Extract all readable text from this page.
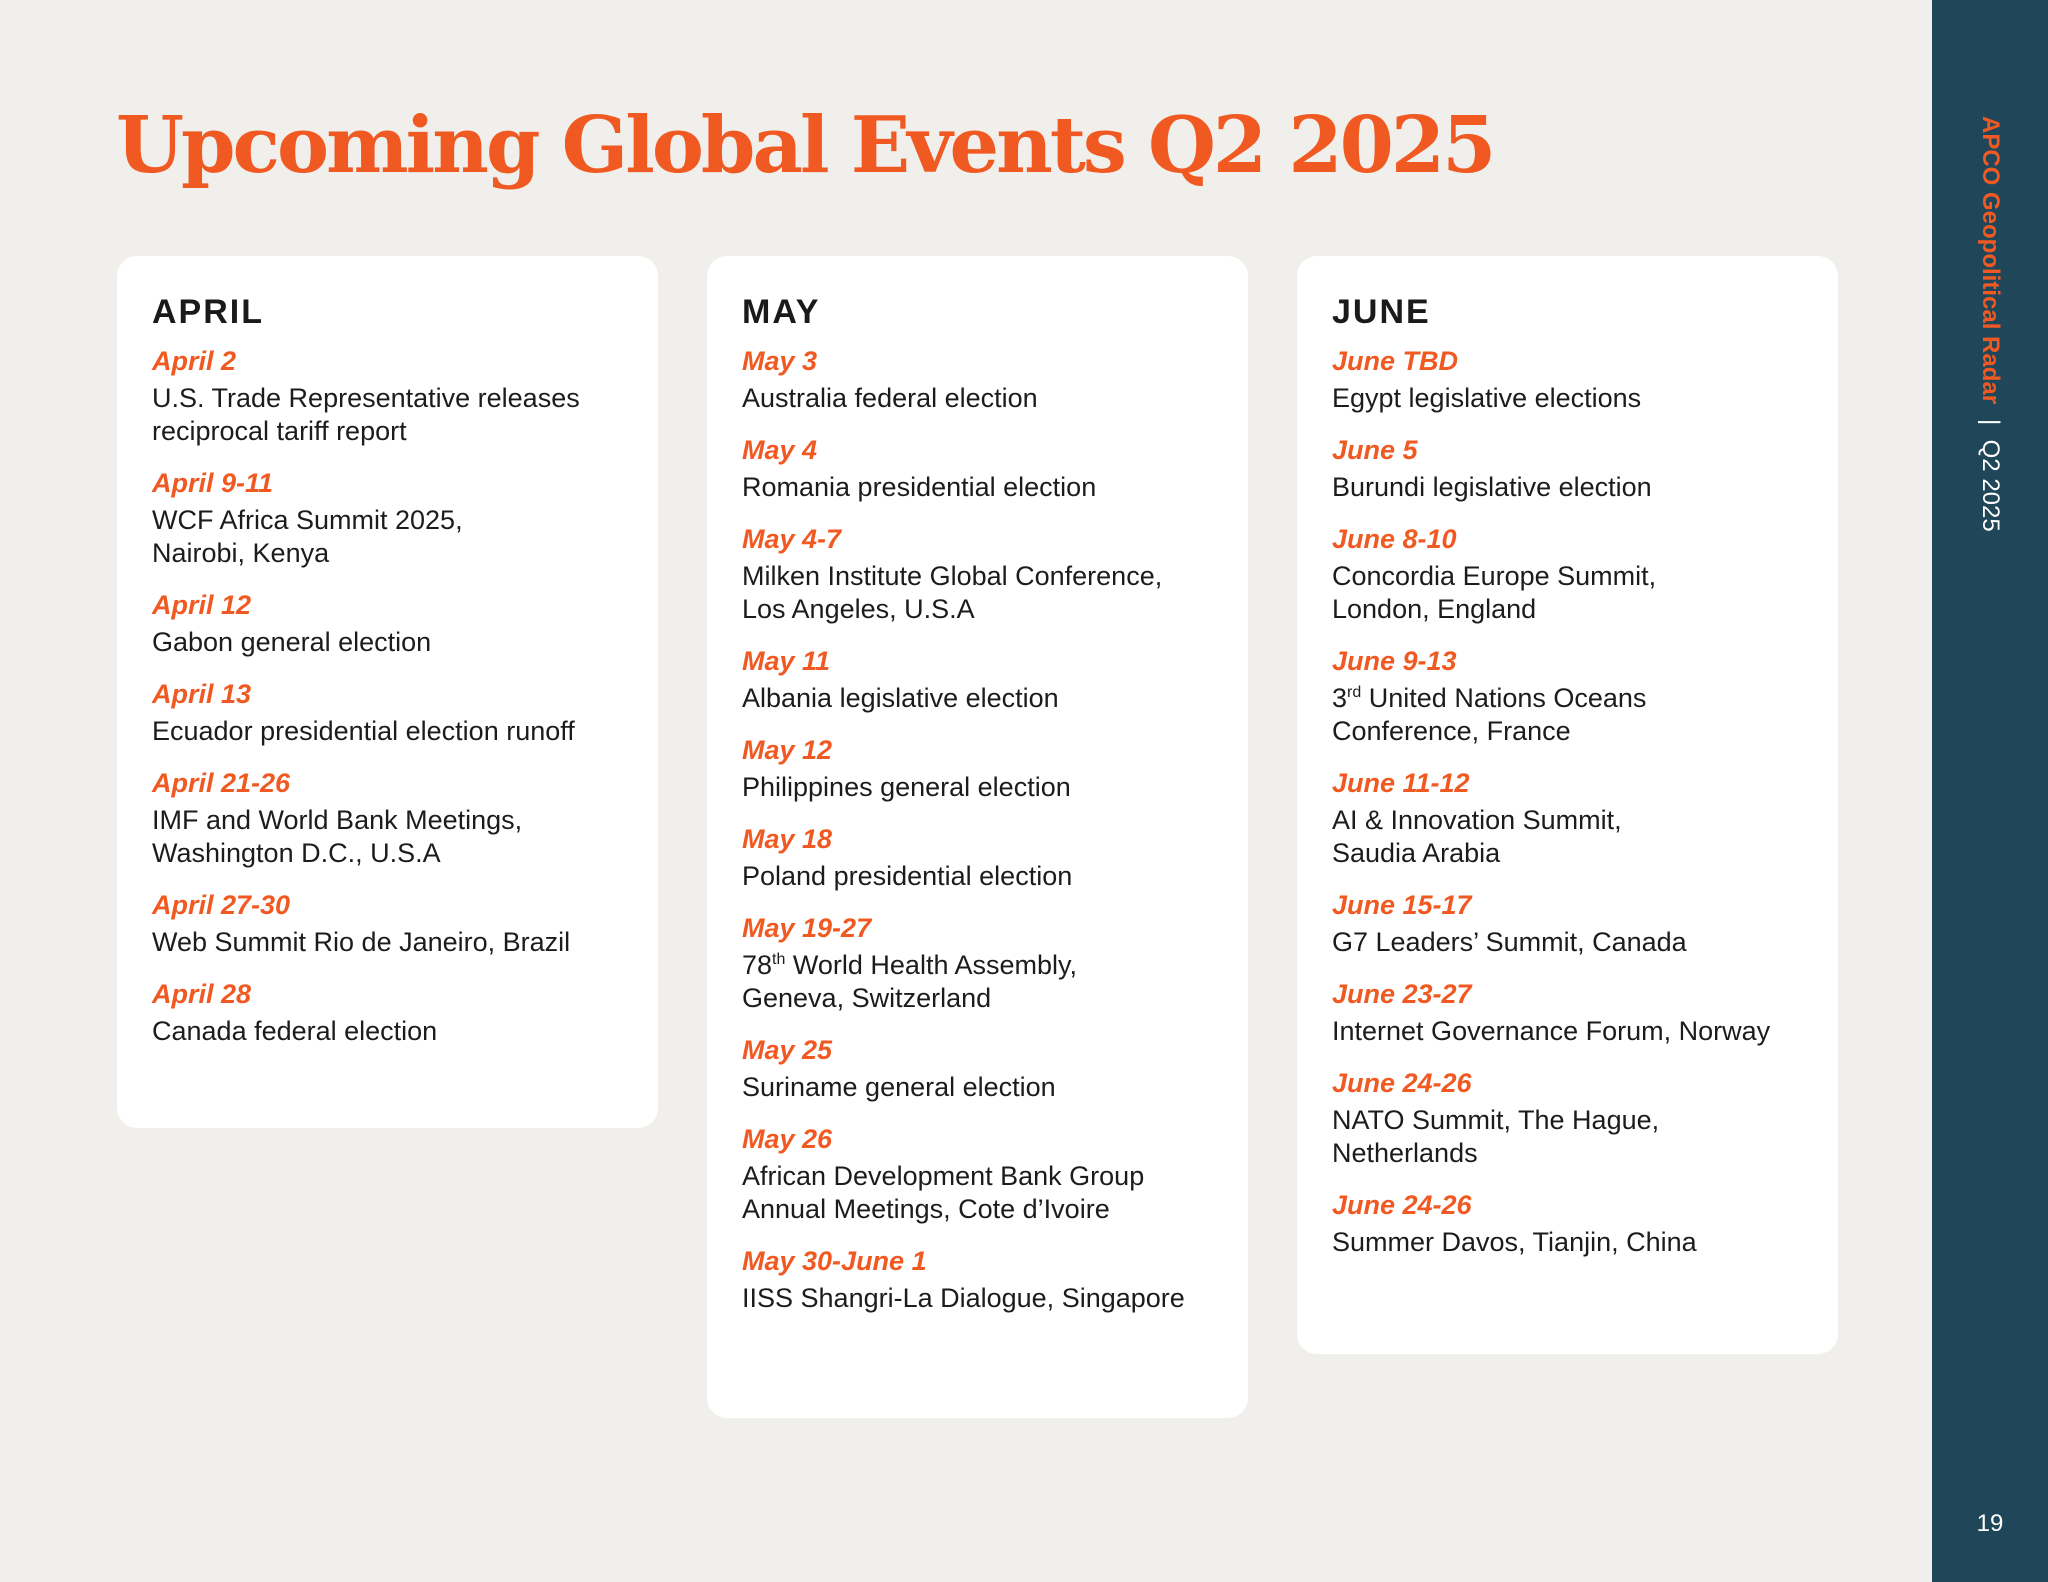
Upcoming Global Events Q2 2025
APRIL
April 2
U.S. Trade Representative releases
reciprocal tariff report
April 9-11
WCF Africa Summit 2025,
Nairobi, Kenya
April 12
Gabon general election
April 13
Ecuador presidential election runoff
April 21-26
IMF and World Bank Meetings,
Washington D.C., U.S.A
April 27-30
Web Summit Rio de Janeiro, Brazil
April 28
Canada federal election
MAY
May 3
Australia federal election
May 4
Romania presidential election
May 4-7
Milken Institute Global Conference,
Los Angeles, U.S.A
May 11
Albania legislative election
May 12
Philippines general election
May 18
Poland presidential election
May 19-27
78th World Health Assembly,
Geneva, Switzerland
May 25
Suriname general election
May 26
African Development Bank Group
Annual Meetings, Cote d’Ivoire
May 30-June 1
IISS Shangri-La Dialogue, Singapore
JUNE
June TBD
Egypt legislative elections
June 5
Burundi legislative election
June 8-10
Concordia Europe Summit,
London, England
June 9-13
3rd United Nations Oceans
Conference, France
June 11-12
AI & Innovation Summit,
Saudia Arabia
June 15-17
G7 Leaders’ Summit, Canada
June 23-27
Internet Governance Forum, Norway
June 24-26
NATO Summit, The Hague,
Netherlands
June 24-26
Summer Davos, Tianjin, China
APCO Geopolitical Radar | Q2 2025
19
